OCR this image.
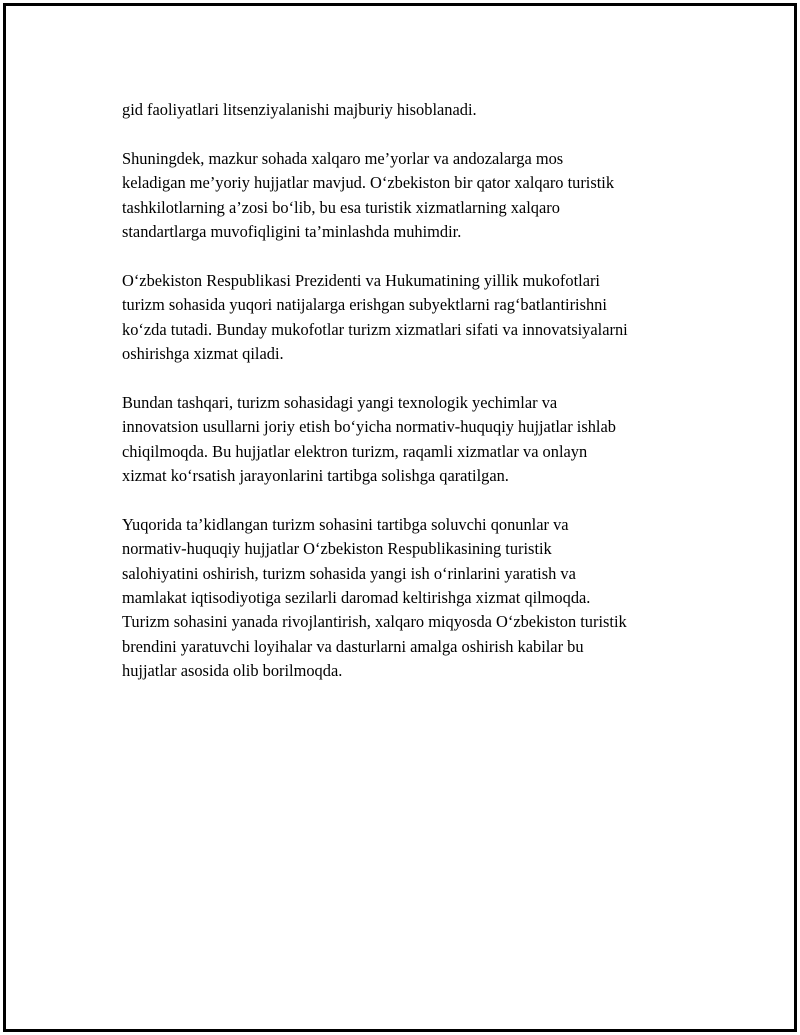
gid faoliyatlari litsenziyalanishi majburiy hisoblanadi.
Shuningdek, mazkur sohada xalqaro me’yorlar va andozalarga mos
keladigan me’yoriy hujjatlar mavjud. O‘zbekiston bir qator xalqaro turistik
tashkilotlarning a’zosi bo‘lib, bu esa turistik xizmatlarning xalqaro
standartlarga muvofiqligini ta’minlashda muhimdir.
O‘zbekiston Respublikasi Prezidenti va Hukumatining yillik mukofotlari
turizm sohasida yuqori natijalarga erishgan subyektlarni rag‘batlantirishni
ko‘zda tutadi. Bunday mukofotlar turizm xizmatlari sifati va innovatsiyalarni
oshirishga xizmat qiladi.
Bundan tashqari, turizm sohasidagi yangi texnologik yechimlar va
innovatsion usullarni joriy etish bo‘yicha normativ-huquqiy hujjatlar ishlab
chiqilmoqda. Bu hujjatlar elektron turizm, raqamli xizmatlar va onlayn
xizmat ko‘rsatish jarayonlarini tartibga solishga qaratilgan.
Yuqorida ta’kidlangan turizm sohasini tartibga soluvchi qonunlar va
normativ-huquqiy hujjatlar O‘zbekiston Respublikasining turistik
salohiyatini oshirish, turizm sohasida yangi ish o‘rinlarini yaratish va
mamlakat iqtisodiyotiga sezilarli daromad keltirishga xizmat qilmoqda.
Turizm sohasini yanada rivojlantirish, xalqaro miqyosda O‘zbekiston turistik
brendini yaratuvchi loyihalar va dasturlarni amalga oshirish kabilar bu
hujjatlar asosida olib borilmoqda.
